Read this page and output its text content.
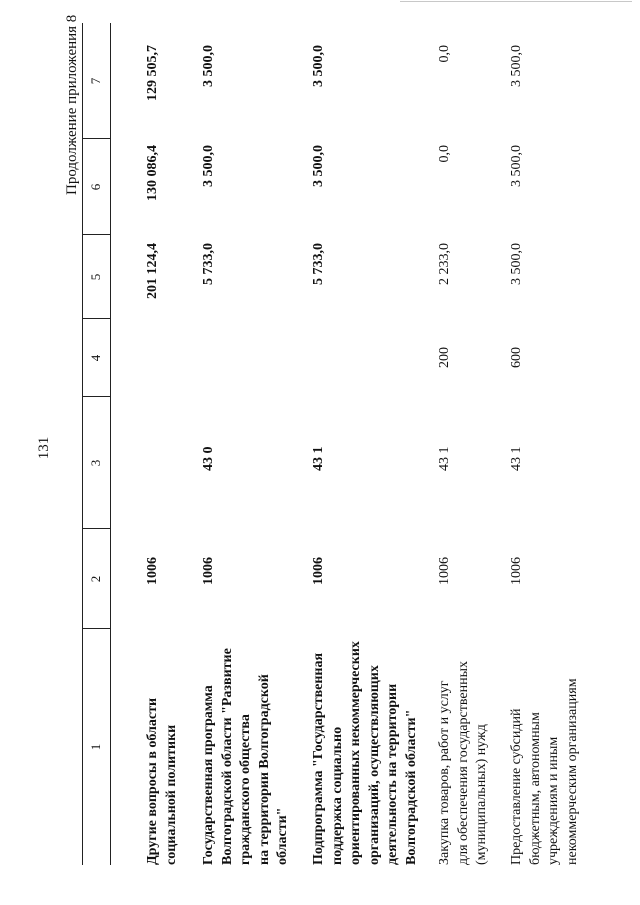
131
Продолжение приложения 8
1
2
3
4
5
6
7
Другие вопросы в области социальной политики
1006
201 124,4
130 086,4
129 505,7
Государственная программа Волгоградской области "Развитие гражданского общества на территории Волгоградской области"
1006
43 0
5 733,0
3 500,0
3 500,0
Подпрограмма "Государственная поддержка социально ориентированных некоммерческих организаций, осуществляющих деятельность на территории Волгоградской области"
1006
43 1
5 733,0
3 500,0
3 500,0
Закупка товаров, работ и услуг для обеспечения государственных (муниципальных) нужд
1006
43 1
200
2 233,0
0,0
0,0
Предоставление субсидий бюджетным, автономным учреждениям и иным некоммерческим организациям
1006
43 1
600
3 500,0
3 500,0
3 500,0
